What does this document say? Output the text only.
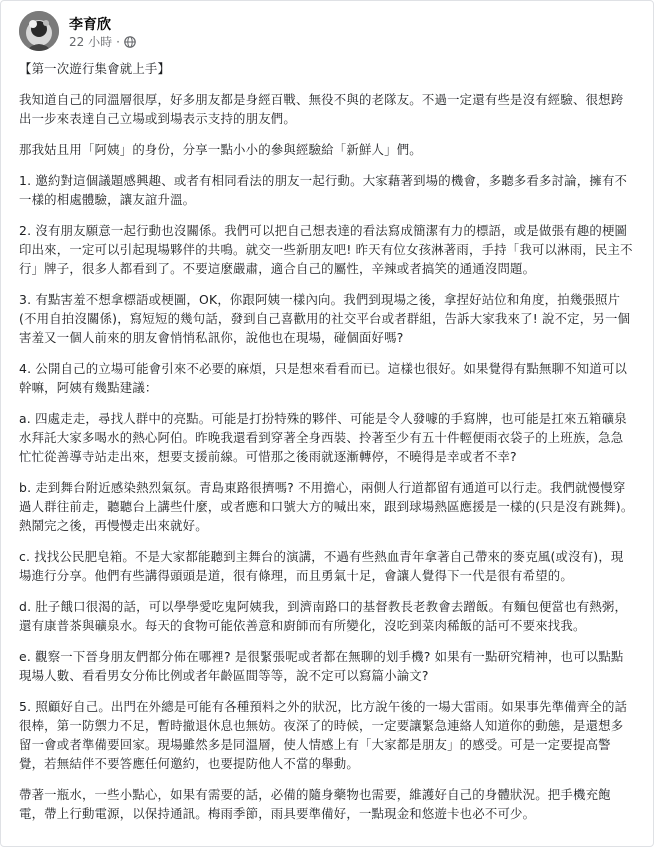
李育欣
22 小時 ·

【第一次遊行集會就上手】

我知道自己的同溫層很厚，好多朋友都是身經百戰、無役不與的老隊友。不過一定還有些是沒有經驗、很想跨出一步來表達自己立場或到場表示支持的朋友們。

那我姑且用「阿姨」的身份，分享一點小小的參與經驗給「新鮮人」們。

1. 邀約對這個議題感興趣、或者有相同看法的朋友一起行動。大家藉著到場的機會，多聽多看多討論，擁有不一樣的相處體驗，讓友誼升溫。

2. 沒有朋友願意一起行動也沒關係。我們可以把自己想表達的看法寫成簡潔有力的標語，或是做張有趣的梗圖印出來，一定可以引起現場夥伴的共鳴。就交一些新朋友吧! 昨天有位女孩淋著雨，手持「我可以淋雨，民主不行」牌子，很多人都看到了。不要這麼嚴肅，適合自己的屬性，辛辣或者搞笑的通通沒問題。

3. 有點害羞不想拿標語或梗圖，OK，你跟阿姨一樣內向。我們到現場之後，拿捏好站位和角度，拍幾張照片(不用自拍沒關係)，寫短短的幾句話，發到自己喜歡用的社交平台或者群組，告訴大家我來了! 說不定，另一個害羞又一個人前來的朋友會悄悄私訊你，說他也在現場，碰個面好嗎?

4. 公開自己的立場可能會引來不必要的麻煩，只是想來看看而已。這樣也很好。如果覺得有點無聊不知道可以幹嘛，阿姨有幾點建議：

a. 四處走走，尋找人群中的亮點。可能是打扮特殊的夥伴、可能是令人發噱的手寫牌，也可能是扛來五箱礦泉水拜託大家多喝水的熱心阿伯。昨晚我還看到穿著全身西裝、拎著至少有五十件輕便雨衣袋子的上班族，急急忙忙從善導寺站走出來，想要支援前線。可惜那之後雨就逐漸轉停，不曉得是幸或者不幸?

b. 走到舞台附近感染熱烈氣氛。青島東路很擠嗎? 不用擔心，兩側人行道都留有通道可以行走。我們就慢慢穿過人群往前走，聽聽台上講些什麼，或者應和口號大方的喊出來，跟到球場熱區應援是一樣的(只是沒有跳舞)。熱鬧完之後，再慢慢走出來就好。

c. 找找公民肥皂箱。不是大家都能聽到主舞台的演講，不過有些熱血青年拿著自己帶來的麥克風(或沒有)，現場進行分享。他們有些講得頭頭是道，很有條理，而且勇氣十足，會讓人覺得下一代是很有希望的。

d. 肚子餓口很渴的話，可以學學愛吃鬼阿姨我，到濟南路口的基督教長老教會去蹭飯。有麵包便當也有熱粥，還有康普茶與礦泉水。每天的食物可能依善意和廚師而有所變化，沒吃到菜肉稀飯的話可不要來找我。

e. 觀察一下晉身朋友們都分佈在哪裡? 是很緊張呢或者都在無聊的划手機? 如果有一點研究精神，也可以點點現場人數、看看男女分佈比例或者年齡區間等等，說不定可以寫篇小論文?

5. 照顧好自己。出門在外總是可能有各種預料之外的狀況，比方說午後的一場大雷雨。如果事先準備齊全的話很棒，第一防禦力不足，暫時撤退休息也無妨。夜深了的時候，一定要讓緊急連絡人知道你的動態，是還想多留一會或者準備要回家。現場雖然多是同溫層，使人情感上有「大家都是朋友」的感受。可是一定要提高警覺，若無結伴不要答應任何邀約，也要提防他人不當的舉動。

帶著一瓶水，一些小點心，如果有需要的話，必備的隨身藥物也需要，維護好自己的身體狀況。把手機充飽電，帶上行動電源，以保持通訊。梅雨季節，雨具要準備好，一點現金和悠遊卡也必不可少。
